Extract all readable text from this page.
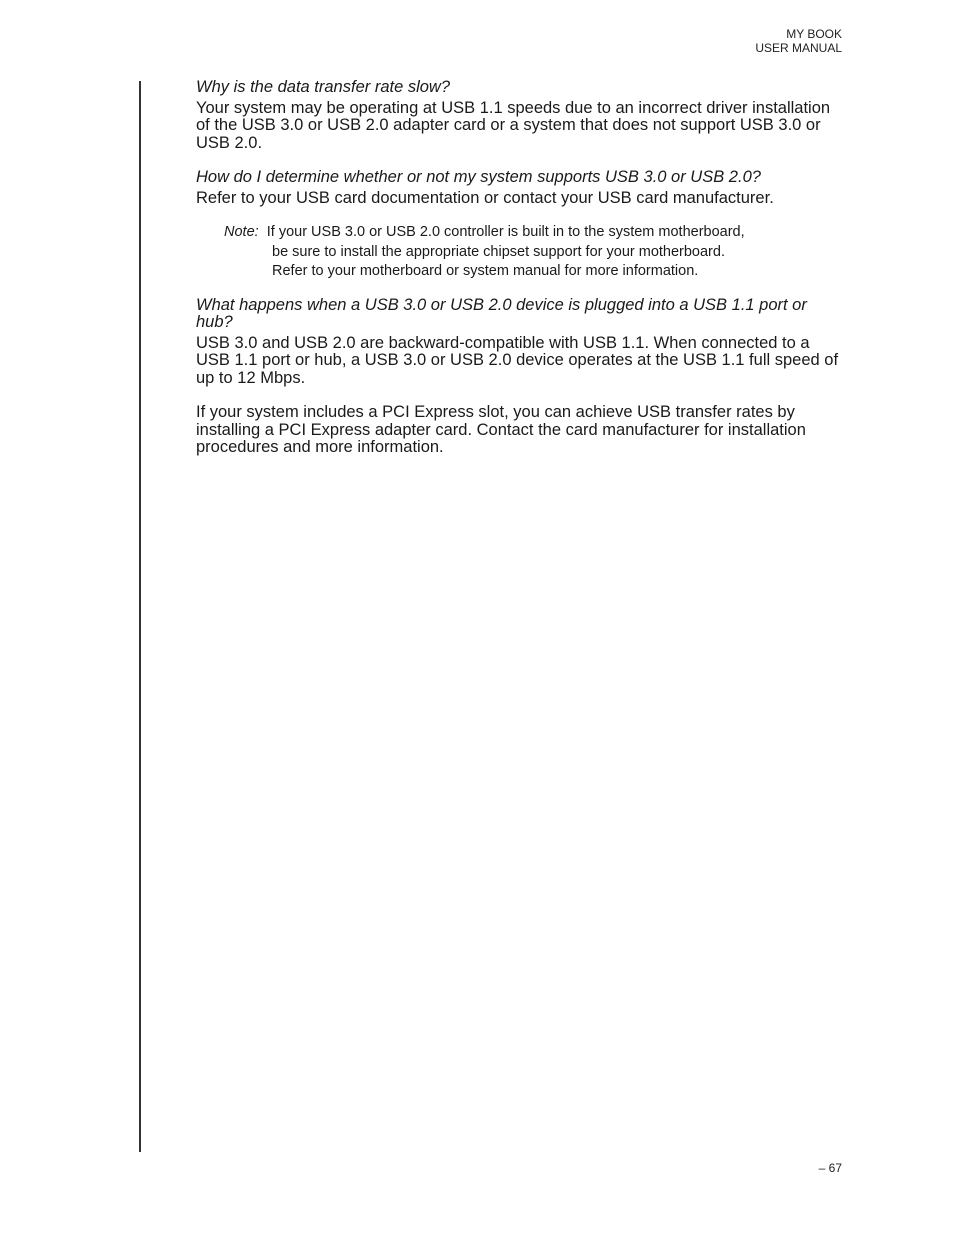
MY BOOK
USER MANUAL

Why is the data transfer rate slow?

Your system may be operating at USB 1.1 speeds due to an incorrect driver installation of the USB 3.0 or USB 2.0 adapter card or a system that does not support USB 3.0 or USB 2.0.

How do I determine whether or not my system supports USB 3.0 or USB 2.0?

Refer to your USB card documentation or contact your USB card manufacturer.

Note: If your USB 3.0 or USB 2.0 controller is built in to the system motherboard,
be sure to install the appropriate chipset support for your motherboard.
Refer to your motherboard or system manual for more information.

What happens when a USB 3.0 or USB 2.0 device is plugged into a USB 1.1 port or hub?

USB 3.0 and USB 2.0 are backward-compatible with USB 1.1. When connected to a USB 1.1 port or hub, a USB 3.0 or USB 2.0 device operates at the USB 1.1 full speed of up to 12 Mbps.

If your system includes a PCI Express slot, you can achieve USB transfer rates by installing a PCI Express adapter card. Contact the card manufacturer for installation procedures and more information.

– 67
